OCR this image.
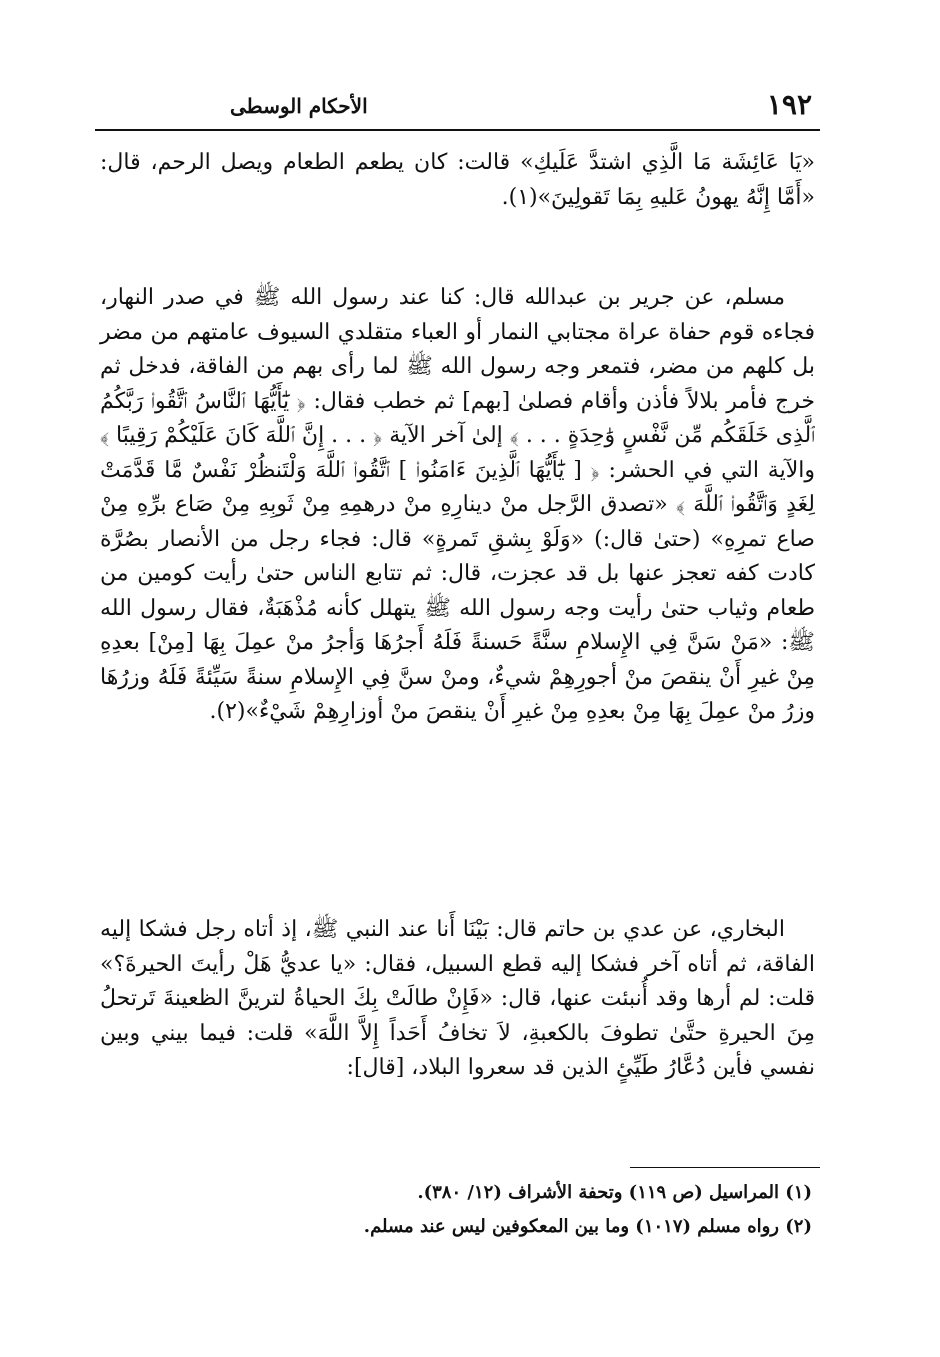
١٩٢
الأحكام الوسطى

«يَا عَائِشَة مَا الَّذِي اشتدَّ عَلَيكِ» قالت: كان يطعم الطعام ويصل الرحم، قال: «أَمَّا إِنَّهُ يهونُ عَليهِ بِمَا تَقولِينَ»(١).

مسلم، عن جرير بن عبدالله قال: كنا عند رسول الله ﷺ في صدر النهار، فجاءه قوم حفاة عراة مجتابي النمار أو العباء متقلدي السيوف عامتهم من مضر بل كلهم من مضر، فتمعر وجه رسول الله ﷺ لما رأى بهم من الفاقة، فدخل ثم خرج فأمر بلالاً فأذن وأقام فصلىٰ [بهم] ثم خطب فقال: ﴿ يَٰٓأَيُّهَا ٱلنَّاسُ ٱتَّقُوا۟ رَبَّكُمُ ٱلَّذِى خَلَقَكُم مِّن نَّفْسٍ وَٰحِدَةٍ . . . ﴾ إلىٰ آخر الآية ﴿ . . . إِنَّ ٱللَّهَ كَانَ عَلَيْكُمْ رَقِيبًا ﴾ والآية التي في الحشر: ﴿ [ يَٰٓأَيُّهَا ٱلَّذِينَ ءَامَنُوا۟ ] ٱتَّقُوا۟ ٱللَّهَ وَلْتَنظُرْ نَفْسٌ مَّا قَدَّمَتْ لِغَدٍ وَٱتَّقُوا۟ ٱللَّهَ ﴾ «تصدق الرَّجل منْ دينارِهِ منْ درهمِهِ مِنْ ثَوبِهِ مِنْ صَاع برِّهِ مِنْ صاع تمرِهِ» (حتىٰ قال:) «وَلَوْ بِشقِ تَمرةٍ» قال: فجاء رجل من الأنصار بصُرَّة كادت كفه تعجز عنها بل قد عجزت، قال: ثم تتابع الناس حتىٰ رأيت كومين من طعام وثياب حتىٰ رأيت وجه رسول الله ﷺ يتهلل كأنه مُذْهَبَةٌ، فقال رسول الله ﷺ: «مَنْ سَنَّ فِي الإِسلامِ سنَّةً حَسنةً فَلَهُ أَجرُهَا وَأجرُ منْ عمِلَ بِهَا [مِنْ] بعدِهِ مِنْ غيرِ أَنْ ينقصَ منْ أجورِهِمْ شيءٌ، ومنْ سنَّ فِي الإِسلامِ سنةً سَيِّئةً فَلَهُ وزرُهَا وزرُ منْ عمِلَ بِهَا مِنْ بعدِهِ مِنْ غيرِ أَنْ ينقصَ منْ أوزارِهِمْ شَيْءٌ»(٢).

البخاري، عن عدي بن حاتم قال: بَيْنَا أَنا عند النبي ﷺ، إذ أتاه رجل فشكا إليه الفاقة، ثم أتاه آخر فشكا إليه قطع السبيل، فقال: «يا عديُّ هَلْ رأيتَ الحيرةَ؟» قلت: لم أرها وقد أُنبئت عنها، قال: «فَإِنْ طالَتْ بِكَ الحياةُ لترينَّ الظعينةَ تَرتحلُ مِنَ الحيرةِ حتَّىٰ تطوفَ بالكعبةِ، لاَ تخافُ أَحَداً إِلاَّ اللَّهَ» قلت: فيما بيني وبين نفسي فأين دُعَّارُ طَيِّئٍ الذين قد سعروا البلاد، [قال]:

(١) المراسيل (ص ١١٩) وتحفة الأشراف (١٢/ ٣٨٠).

(٢) رواه مسلم (١٠١٧) وما بين المعكوفين ليس عند مسلم.
